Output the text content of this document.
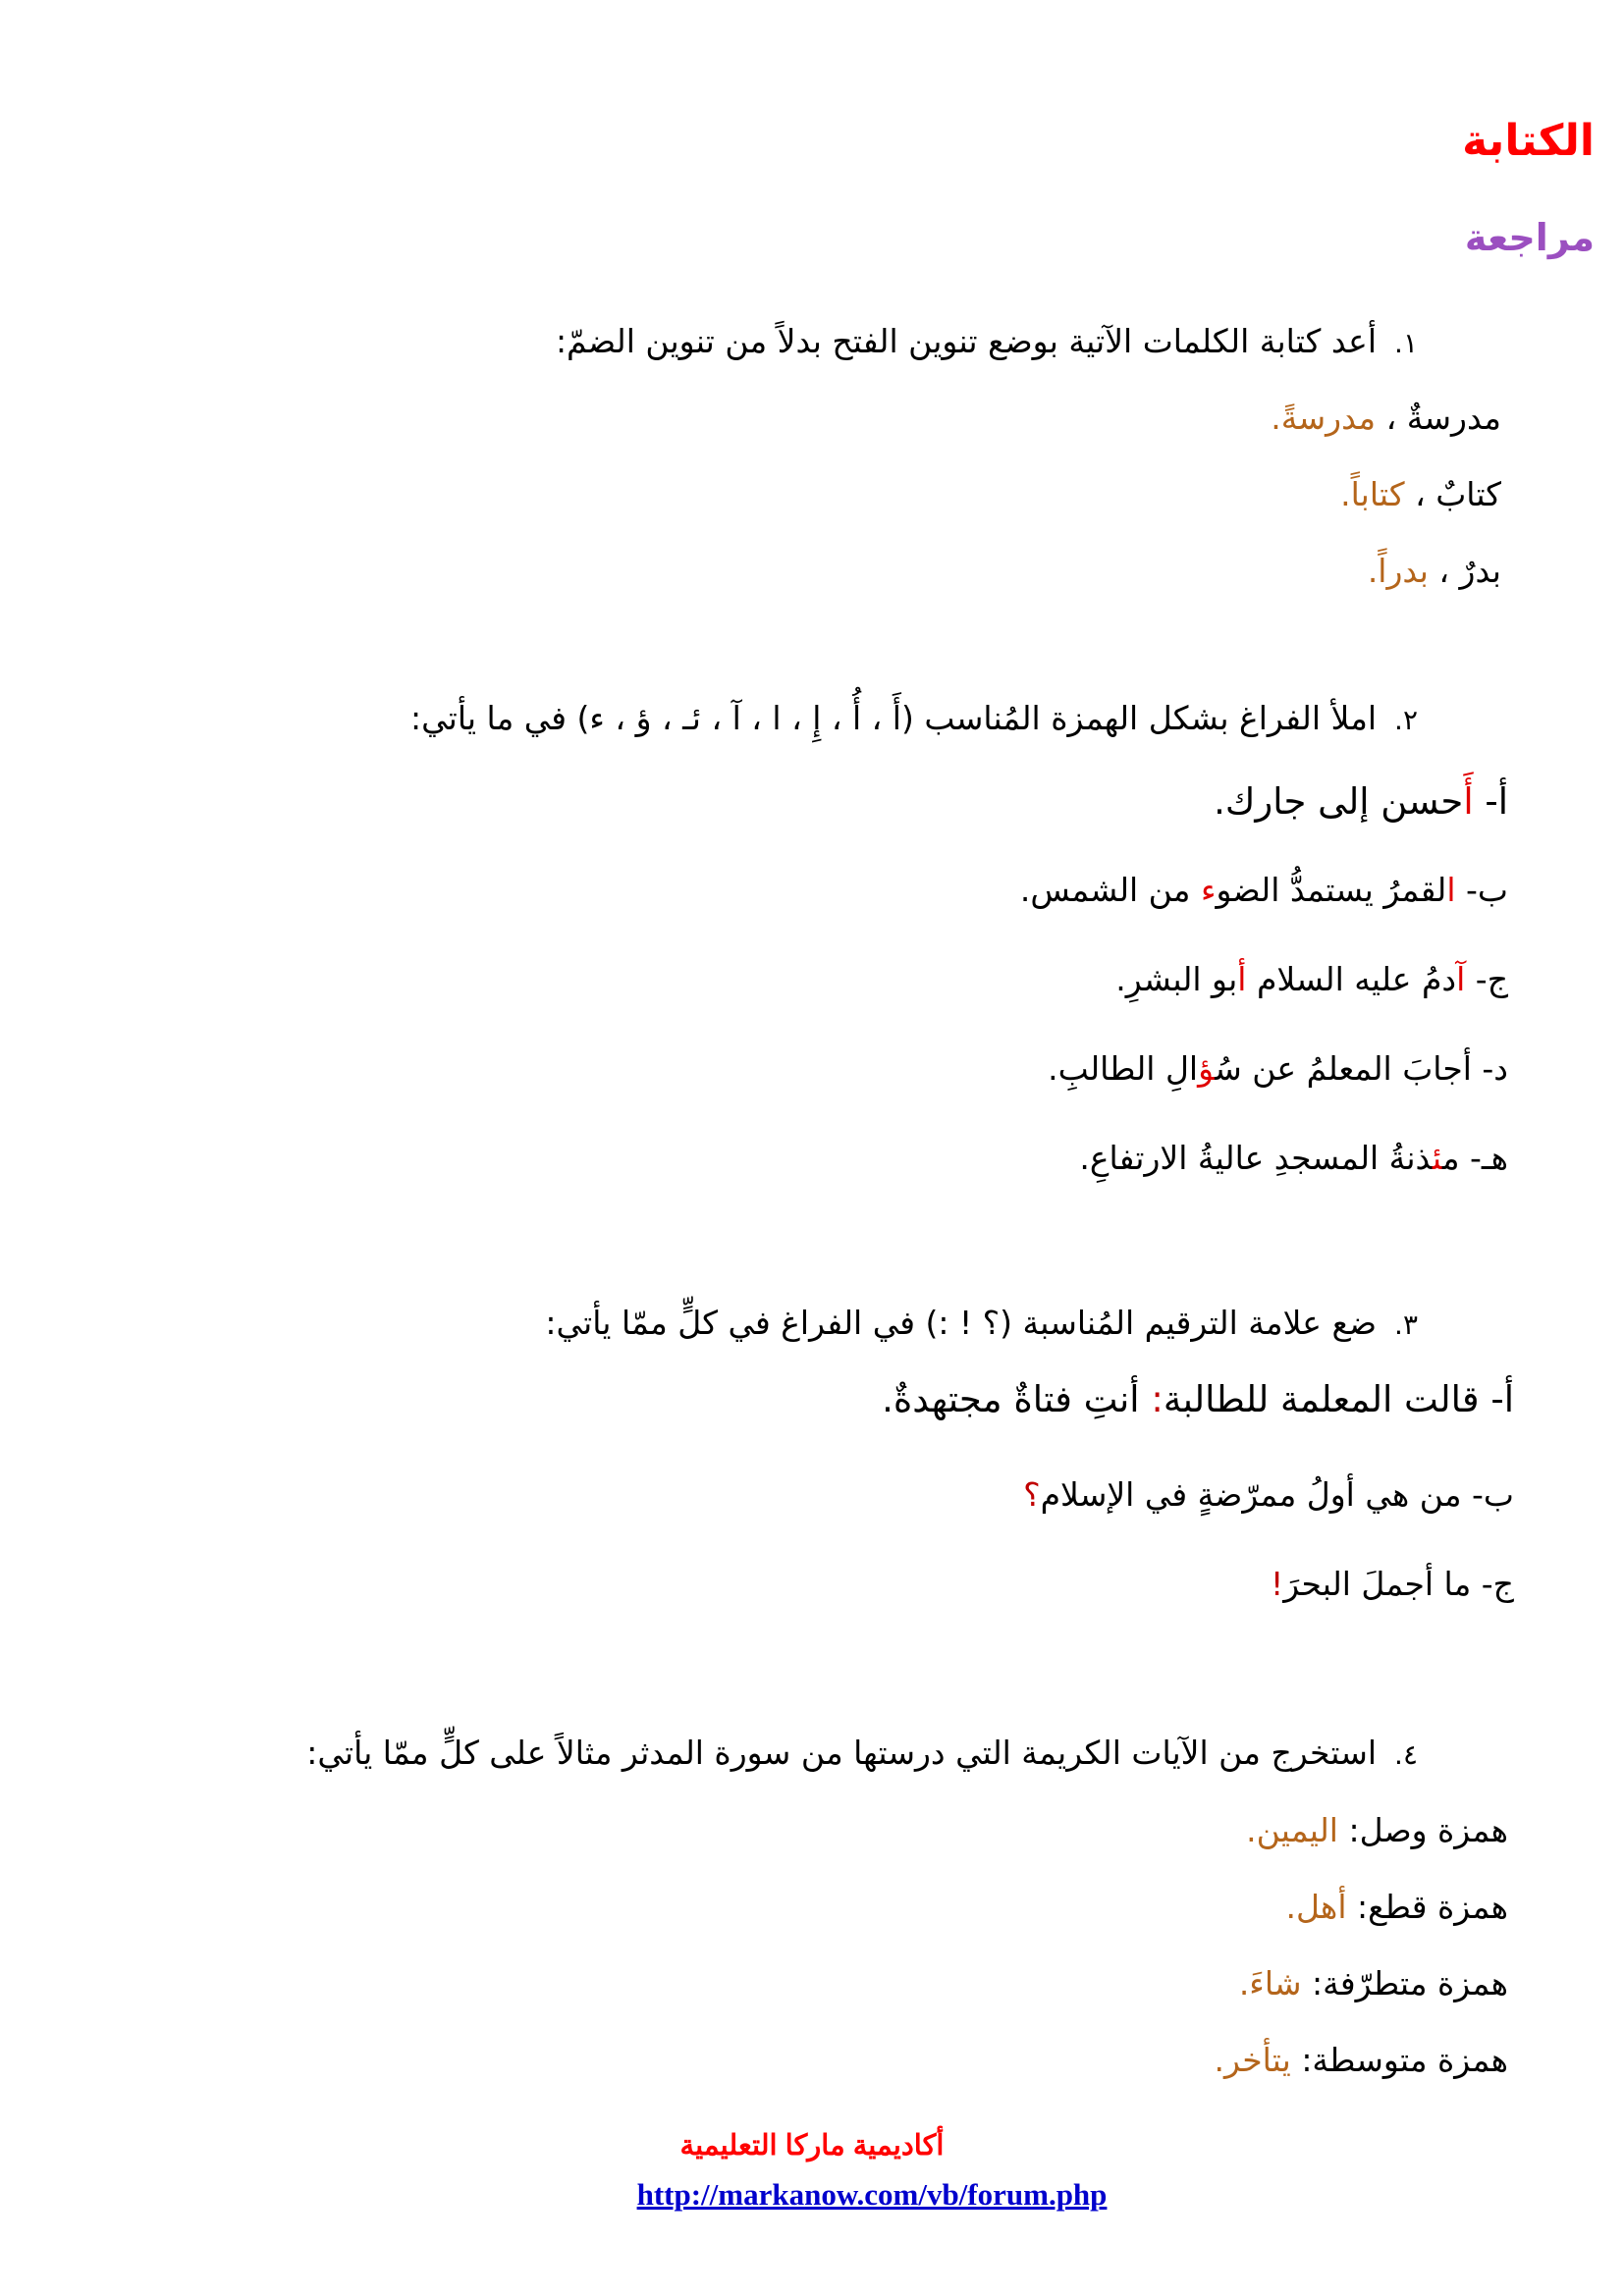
الكتابة
مراجعة
١.أعد كتابة الكلمات الآتية بوضع تنوين الفتح بدلاً من تنوين الضمّ:
مدرسةٌ ، مدرسةً.
كتابٌ ، كتاباً.
بدرٌ ، بدراً.
٢.املأ الفراغ بشكل الهمزة المُناسب (أَ ، أُ ، إِ ، ا ، آ ، ئـ ، ؤ ، ء) في ما يأتي:
أ- أَحسن إلى جارك.
ب- القمرُ يستمدُّ الضوء من الشمس.
ج- آدمُ عليه السلام أبو البشرِ.
د- أجابَ المعلمُ عن سُؤالِ الطالبِ.
هـ- مئذنةُ المسجدِ عاليةُ الارتفاعِ.
٣.ضع علامة الترقيم المُناسبة (؟ ! :) في الفراغ في كلٍّ ممّا يأتي:
أ- قالت المعلمة للطالبة: أنتِ فتاةٌ مجتهدةٌ.
ب- من هي أولُ ممرّضةٍ في الإسلام؟
ج- ما أجملَ البحرَ!
٤.استخرج من الآيات الكريمة التي درستها من سورة المدثر مثالاً على كلٍّ ممّا يأتي:
همزة وصل: اليمين.
همزة قطع: أهل.
همزة متطرّفة: شاءَ.
همزة متوسطة: يتأخر.
أكاديمية ماركا التعليمية
http://markanow.com/vb/forum.php
